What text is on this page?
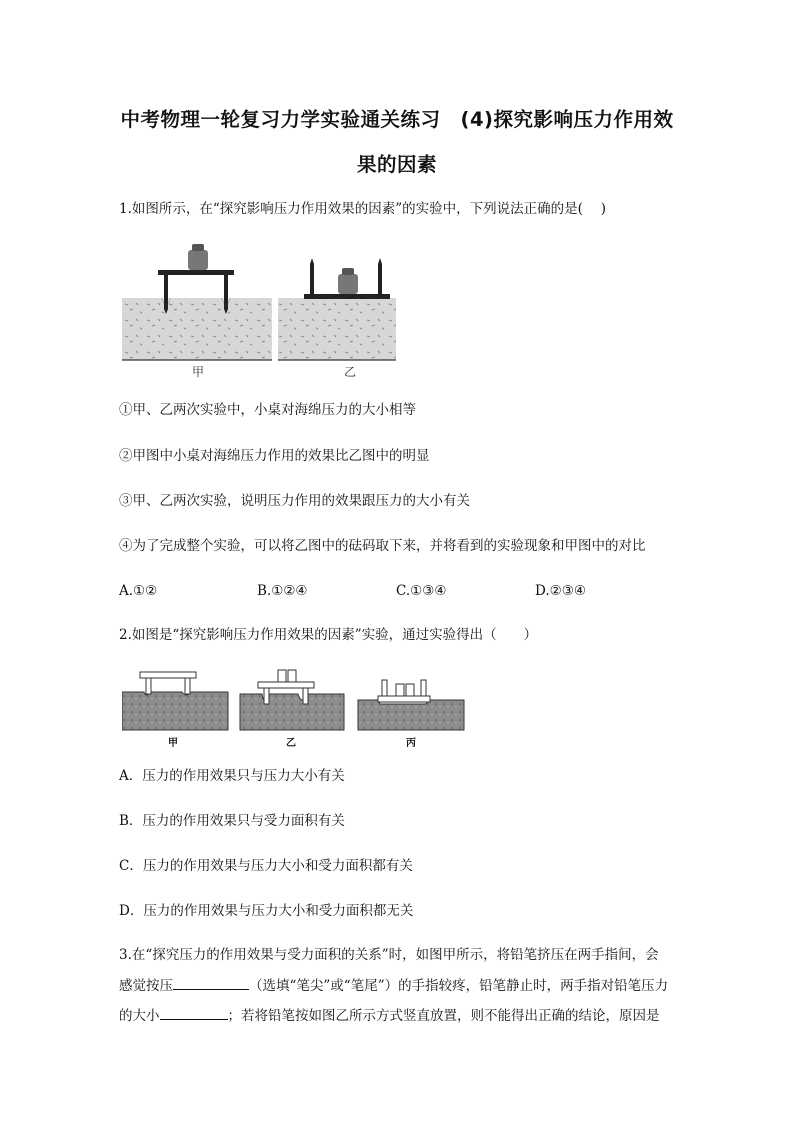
中考物理一轮复习力学实验通关练习　(4)探究影响压力作用效
果的因素
1.如图所示，在“探究影响压力作用效果的因素”的实验中，下列说法正确的是(　 )
甲	乙
①甲、乙两次实验中，小桌对海绵压力的大小相等
②甲图中小桌对海绵压力作用的效果比乙图中的明显
③甲、乙两次实验，说明压力作用的效果跟压力的大小有关
④为了完成整个实验，可以将乙图中的砝码取下来，并将看到的实验现象和甲图中的对比
A.①②	B.①②④	C.①③④	D.②③④
2.如图是“探究影响压力作用效果的因素”实验，通过实验得出（　　）
甲	乙	丙
A．压力的作用效果只与压力大小有关
B．压力的作用效果只与受力面积有关
C．压力的作用效果与压力大小和受力面积都有关
D．压力的作用效果与压力大小和受力面积都无关
3.在“探究压力的作用效果与受力面积的关系”时，如图甲所示，将铅笔挤压在两手指间，会
感觉按压	（选填“笔尖”或“笔尾”）的手指较疼，铅笔静止时，两手指对铅笔压力
的大小	；若将铅笔按如图乙所示方式竖直放置，则不能得出正确的结论，原因是
